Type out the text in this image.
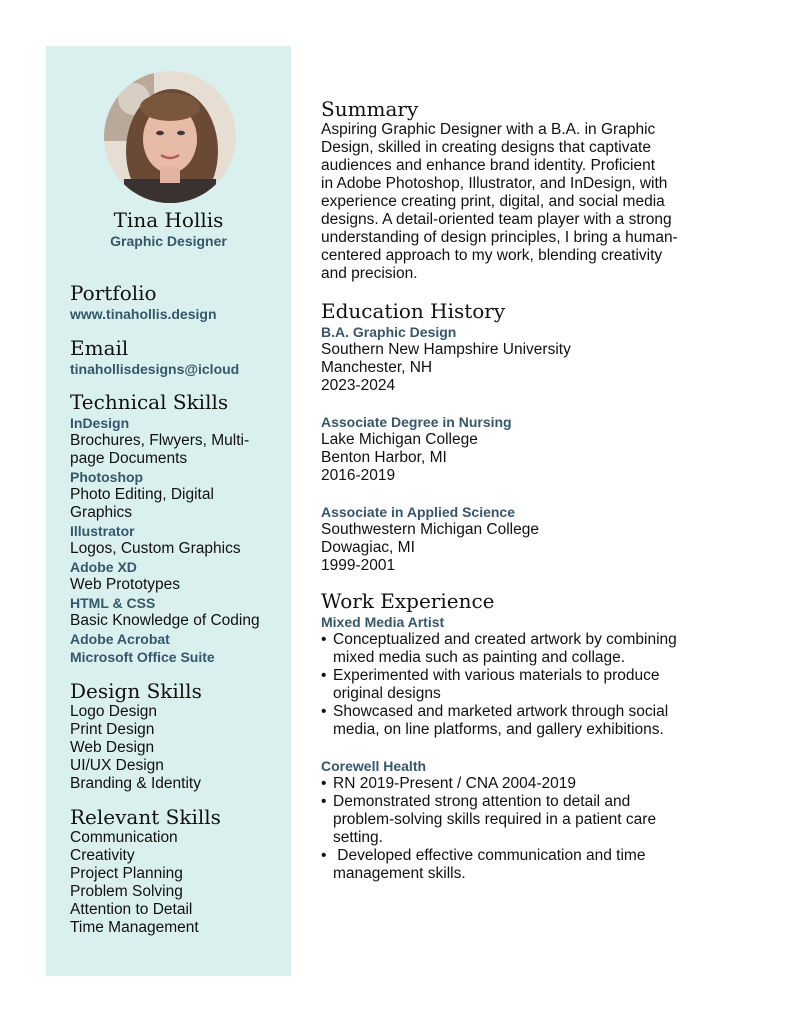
Tina Hollis
Graphic Designer
Portfolio
www.tinahollis.design
Email
tinahollisdesigns@icloud
Technical Skills
InDesign
Brochures, Flwyers, Multi-
page Documents
Photoshop
Photo Editing, Digital
Graphics
Illustrator
Logos, Custom Graphics
Adobe XD
Web Prototypes
HTML & CSS
Basic Knowledge of Coding
Adobe Acrobat
Microsoft Office Suite
Design Skills
Logo Design
Print Design
Web Design
UI/UX Design
Branding & Identity
Relevant Skills
Communication
Creativity
Project Planning
Problem Solving
Attention to Detail
Time Management
Summary
Aspiring Graphic Designer with a B.A. in Graphic
Design, skilled in creating designs that captivate
audiences and enhance brand identity. Proficient
in Adobe Photoshop, Illustrator, and InDesign, with
experience creating print, digital, and social media
designs. A detail-oriented team player with a strong
understanding of design principles, I bring a human-
centered approach to my work, blending creativity
and precision.
Education History
B.A. Graphic Design
Southern New Hampshire University
Manchester, NH
2023-2024
Associate Degree in Nursing
Lake Michigan College
Benton Harbor, MI
2016-2019
Associate in Applied Science
Southwestern Michigan College
Dowagiac, MI
1999-2001
Work Experience
Mixed Media Artist
• Conceptualized and created artwork by combining
mixed media such as painting and collage.
• Experimented with various materials to produce
original designs
• Showcased and marketed artwork through social
media, on line platforms, and gallery exhibitions.
Corewell Health
• RN 2019-Present / CNA 2004-2019
• Demonstrated strong attention to detail and
problem-solving skills required in a patient care
setting.
•  Developed effective communication and time
management skills.
